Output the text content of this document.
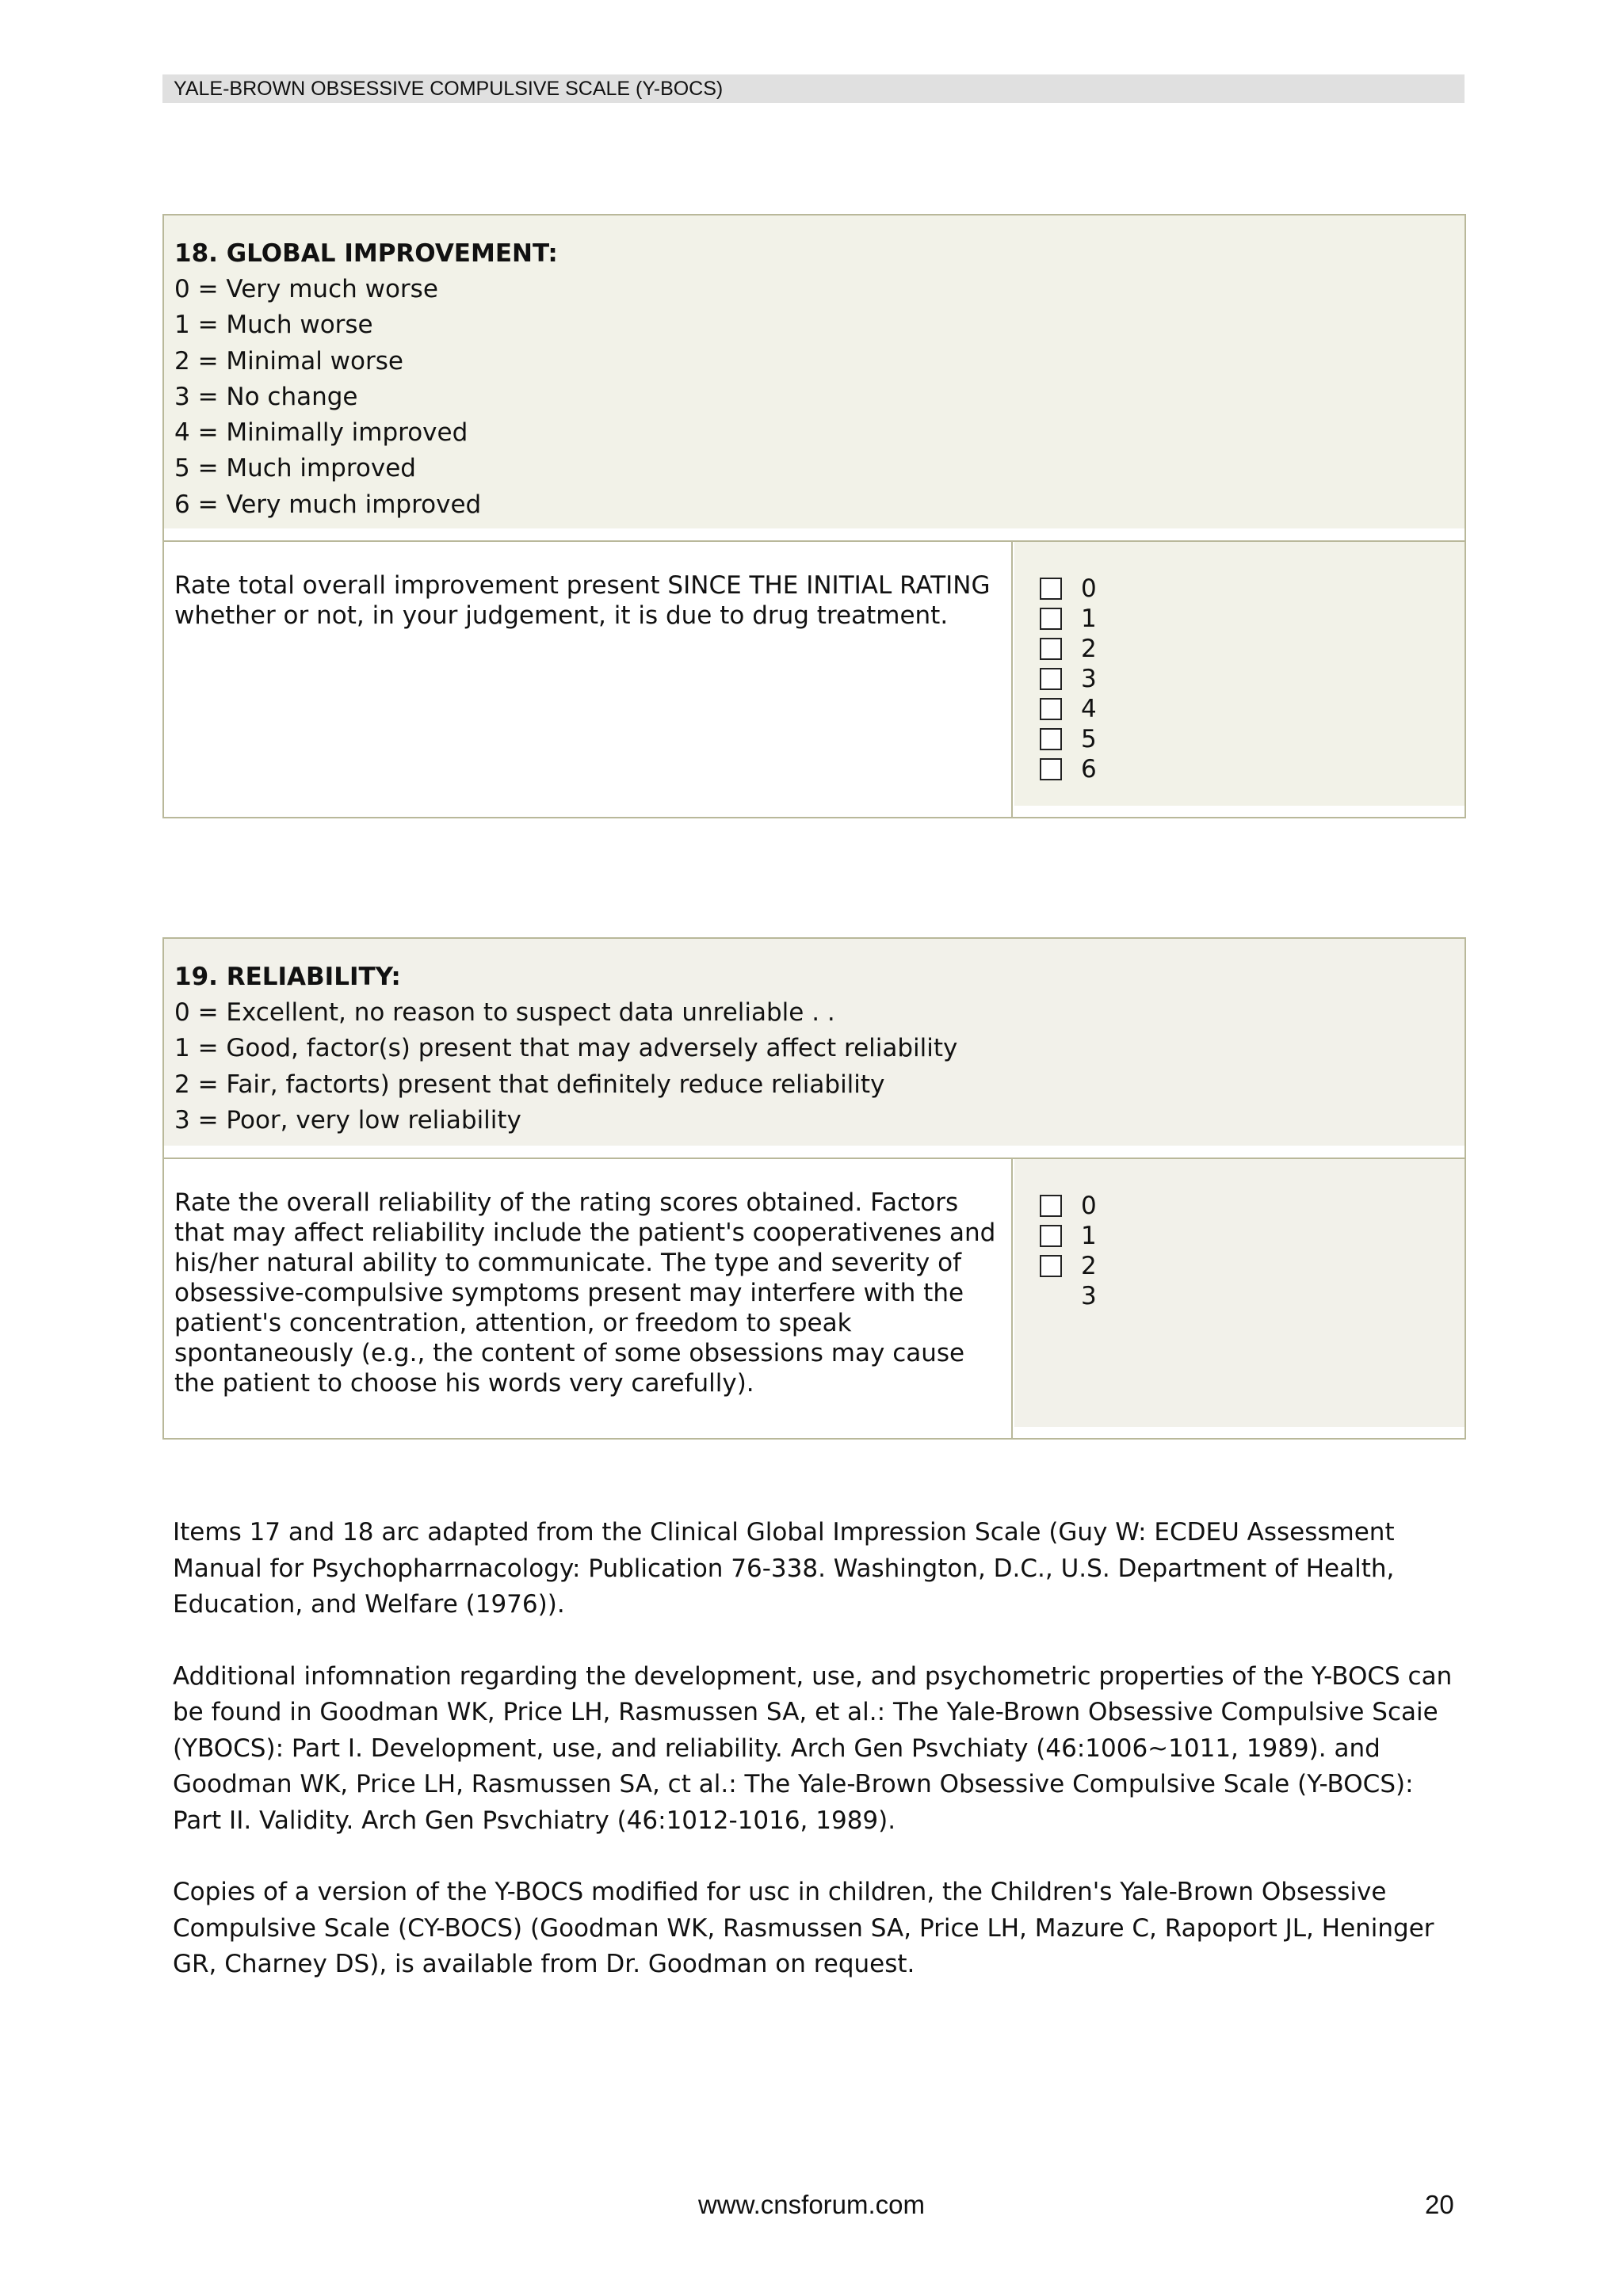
YALE-BROWN OBSESSIVE COMPULSIVE SCALE (Y-BOCS)
18. GLOBAL IMPROVEMENT:
0 = Very much worse
1 = Much worse
2 = Minimal worse
3 = No change
4 = Minimally improved
5 = Much improved
6 = Very much improved
Rate total overall improvement present SINCE THE INITIAL RATING whether or not, in your judgement, it is due to drug treatment.
0
1
2
3
4
5
6
19. RELIABILITY:
0 = Excellent, no reason to suspect data unreliable . .
1 = Good, factor(s) present that may adversely affect reliability
2 = Fair, factorts) present that definitely reduce reliability
3 = Poor, very low reliability
Rate the overall reliability of the rating scores obtained. Factors that may affect reliability include the patient's cooperativenes and his/her natural ability to communicate. The type and severity of obsessive-compulsive symptoms present may interfere with the patient's concentration, attention, or freedom to speak spontaneously (e.g., the content of some obsessions may cause the patient to choose his words very carefully).
0
1
2
3

Items 17 and 18 arc adapted from the Clinical Global Impression Scale (Guy W: ECDEU Assessment Manual for Psychopharrnacology: Publication 76-338. Washington, D.C., U.S. Department of Health, Education, and Welfare (1976)).

Additional infomnation regarding the development, use, and psychometric properties of the Y-BOCS can be found in Goodman WK, Price LH, Rasmussen SA, et al.: The Yale-Brown Obsessive Compulsive Scaie (YBOCS): Part I. Development, use, and reliability. Arch Gen Psvchiaty (46:1006~1011, 1989). and Goodman WK, Price LH, Rasmussen SA, ct al.: The Yale-Brown Obsessive Compulsive Scale (Y-BOCS): Part II. Validity. Arch Gen Psvchiatry (46:1012-1016, 1989).

Copies of a version of the Y-BOCS modified for usc in children, the Children's Yale-Brown Obsessive Compulsive Scale (CY-BOCS) (Goodman WK, Rasmussen SA, Price LH, Mazure C, Rapoport JL, Heninger GR, Charney DS), is available from Dr. Goodman on request.

www.cnsforum.com	20
